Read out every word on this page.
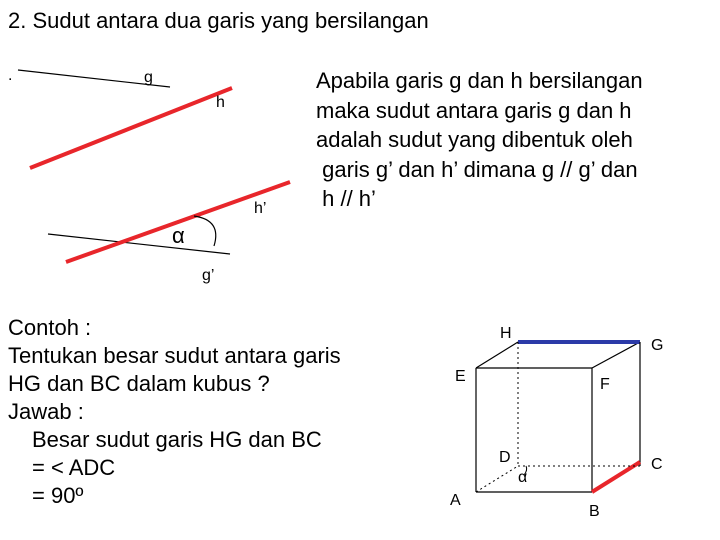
2. Sudut antara dua garis yang bersilangan
Apabila garis g dan h bersilangan
maka sudut antara garis g dan h
adalah sudut yang dibentuk oleh
garis g’ dan h’ dimana g // g’ dan
h // h’
Contoh :
Tentukan besar sudut antara garis
HG dan BC dalam kubus ?
Jawab :
Besar sudut garis HG dan BC
= < ADC
= 90º
.	g
h
h’
α
g’
H
G
E	F
D
α
C
A
B
